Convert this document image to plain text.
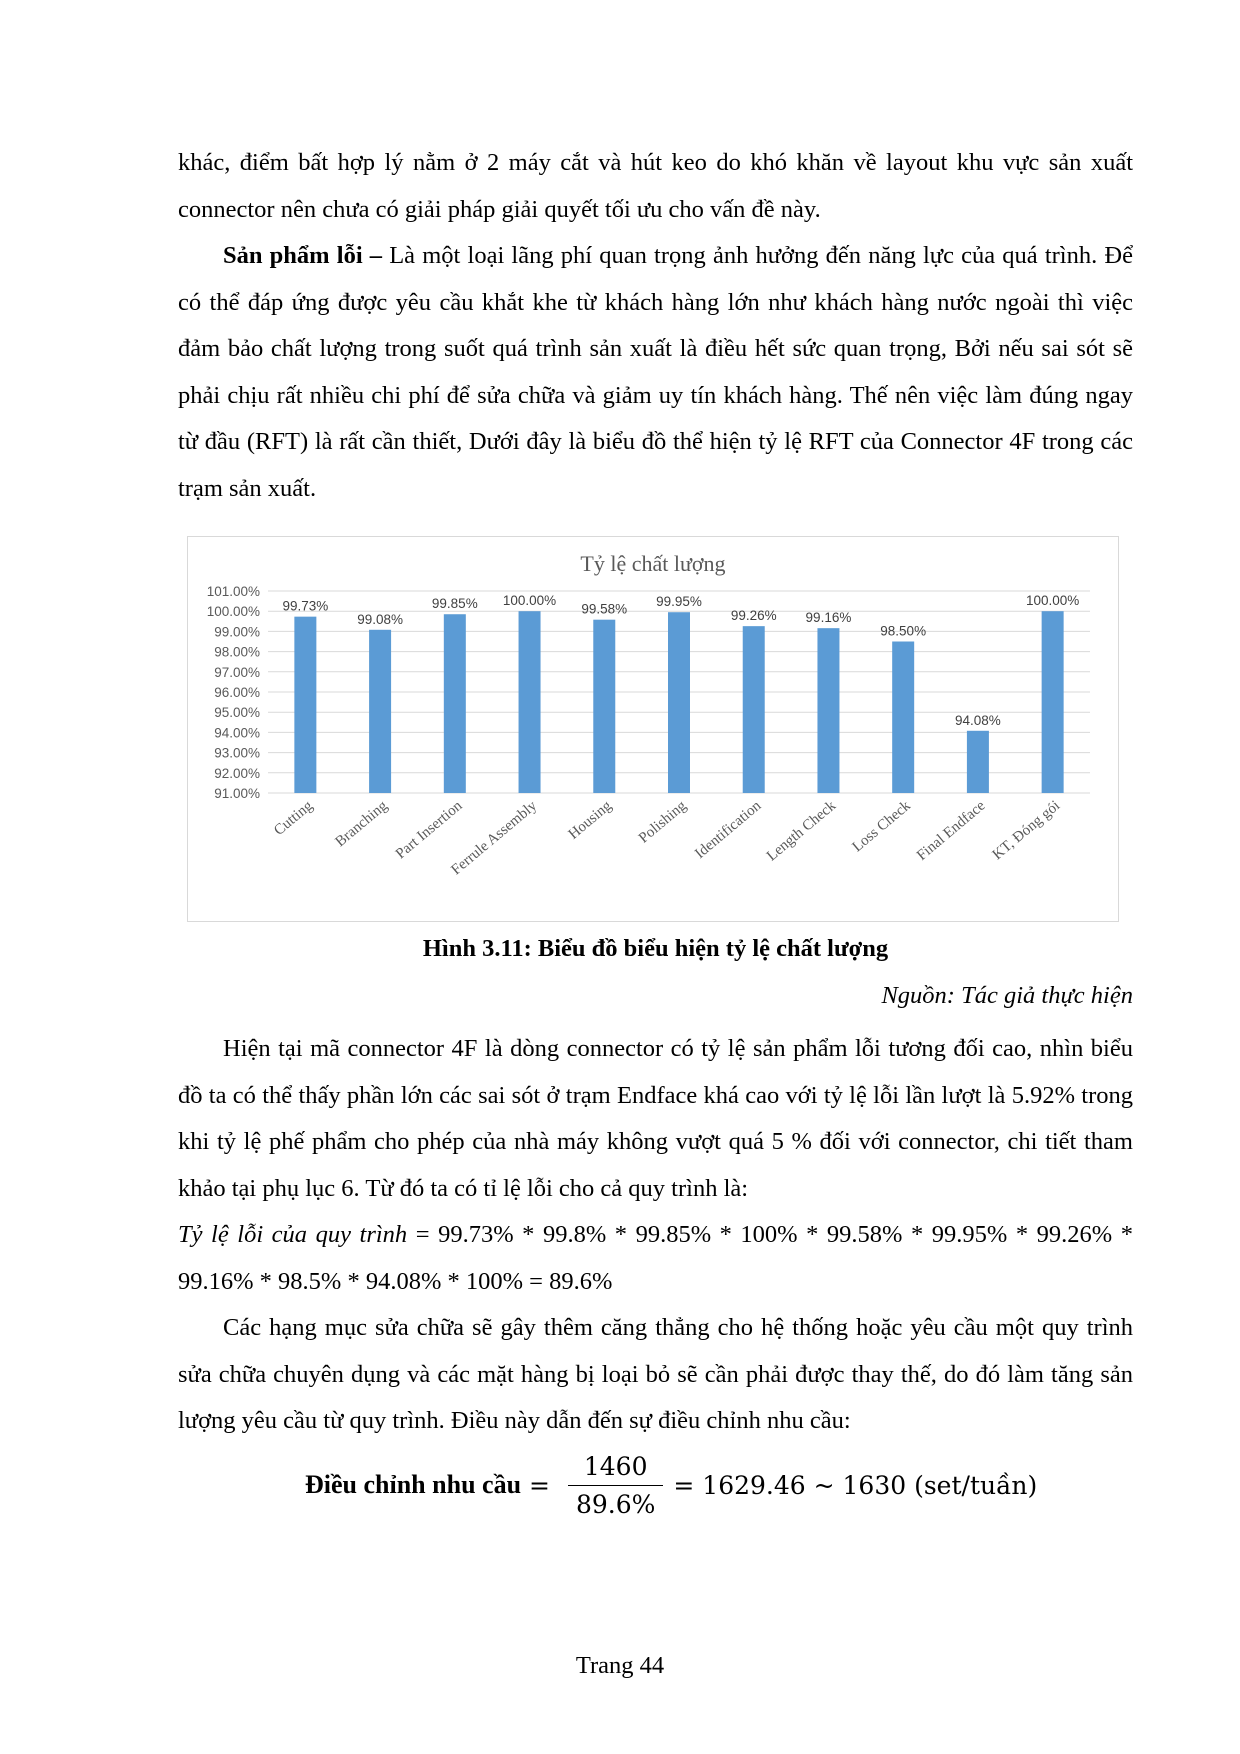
khác, điểm bất hợp lý nằm ở 2 máy cắt và hút keo do khó khăn về layout khu vực sản xuất connector nên chưa có giải pháp giải quyết tối ưu cho vấn đề này.

Sản phẩm lỗi – Là một loại lãng phí quan trọng ảnh hưởng đến năng lực của quá trình. Để có thể đáp ứng được yêu cầu khắt khe từ khách hàng lớn như khách hàng nước ngoài thì việc đảm bảo chất lượng trong suốt quá trình sản xuất là điều hết sức quan trọng, Bởi nếu sai sót sẽ phải chịu rất nhiều chi phí để sửa chữa và giảm uy tín khách hàng. Thế nên việc làm đúng ngay từ đầu (RFT) là rất cần thiết, Dưới đây là biểu đồ thể hiện tỷ lệ RFT của Connector 4F trong các trạm sản xuất.

Tỷ lệ chất lượng
101.00%
100.00%
99.00%
98.00%
97.00%
96.00%
95.00%
94.00%
93.00%
92.00%
91.00%
99.73%
99.08%
99.85% 100.00%
99.58% 99.95%
99.26% 99.16%
98.50%
94.08%
100.00%
Cutting Branching Part Insertion
Ferrule Assembly Housing Polishing Identification Length Check Loss Check Final Endface KT, Đóng gói
Hình 3.11: Biểu đồ biểu hiện tỷ lệ chất lượng
Nguồn: Tác giả thực hiện

Hiện tại mã connector 4F là dòng connector có tỷ lệ sản phẩm lỗi tương đối cao, nhìn biểu đồ ta có thể thấy phần lớn các sai sót ở trạm Endface khá cao với tỷ lệ lỗi lần lượt là 5.92% trong khi tỷ lệ phế phẩm cho phép của nhà máy không vượt quá 5 % đối với connector, chi tiết tham khảo tại phụ lục 6. Từ đó ta có tỉ lệ lỗi cho cả quy trình là:

Tỷ lệ lỗi của quy trình = 99.73% * 99.8% * 99.85% * 100% * 99.58% * 99.95% * 99.26% * 99.16% * 98.5% * 94.08% * 100% = 89.6%

Các hạng mục sửa chữa sẽ gây thêm căng thẳng cho hệ thống hoặc yêu cầu một quy trình sửa chữa chuyên dụng và các mặt hàng bị loại bỏ sẽ cần phải được thay thế, do đó làm tăng sản lượng yêu cầu từ quy trình. Điều này dẫn đến sự điều chỉnh nhu cầu:

Điều chỉnh nhu cầu = $\frac{1460}{89.6\%} = 1629.46$ ~ 1630 (set/tuần)
Trang 44
